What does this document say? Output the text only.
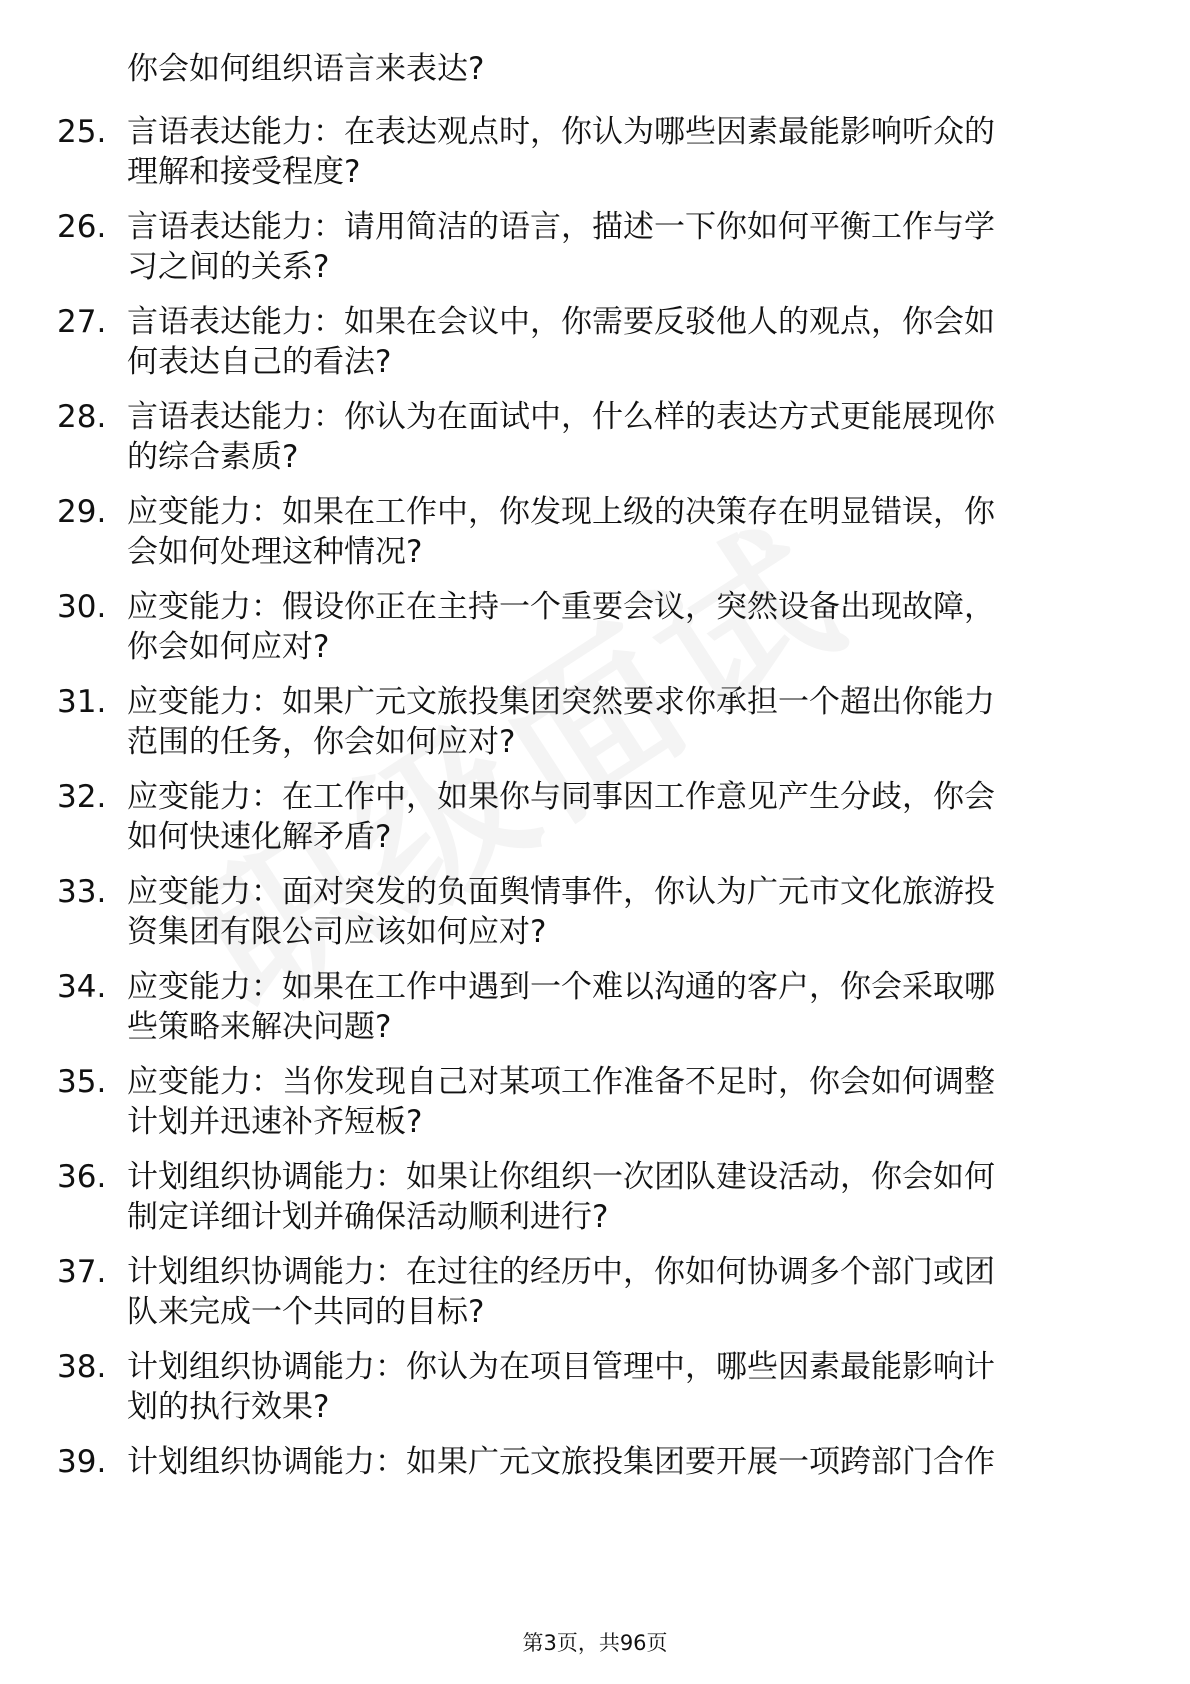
你会如何组织语言来表达?
25. 言语表达能力：在表达观点时，你认为哪些因素最能影响听众的
理解和接受程度?
26. 言语表达能力：请用简洁的语言，描述一下你如何平衡工作与学
习之间的关系?
27. 言语表达能力：如果在会议中，你需要反驳他人的观点，你会如
何表达自己的看法?
28. 言语表达能力：你认为在面试中，什么样的表达方式更能展现你
的综合素质?
29. 应变能力：如果在工作中，你发现上级的决策存在明显错误，你
会如何处理这种情况?
30. 应变能力：假设你正在主持一个重要会议，突然设备出现故障，
你会如何应对?
31. 应变能力：如果广元文旅投集团突然要求你承担一个超出你能力
范围的任务，你会如何应对?
32. 应变能力：在工作中，如果你与同事因工作意见产生分歧，你会
如何快速化解矛盾?
33. 应变能力：面对突发的负面舆情事件，你认为广元市文化旅游投
资集团有限公司应该如何应对?
34. 应变能力：如果在工作中遇到一个难以沟通的客户，你会采取哪
些策略来解决问题?
35. 应变能力：当你发现自己对某项工作准备不足时，你会如何调整
计划并迅速补齐短板?
36. 计划组织协调能力：如果让你组织一次团队建设活动，你会如何
制定详细计划并确保活动顺利进行?
37. 计划组织协调能力：在过往的经历中，你如何协调多个部门或团
队来完成一个共同的目标?
38. 计划组织协调能力：你认为在项目管理中，哪些因素最能影响计
划的执行效果?
39. 计划组织协调能力：如果广元文旅投集团要开展一项跨部门合作
第3页，共96页
